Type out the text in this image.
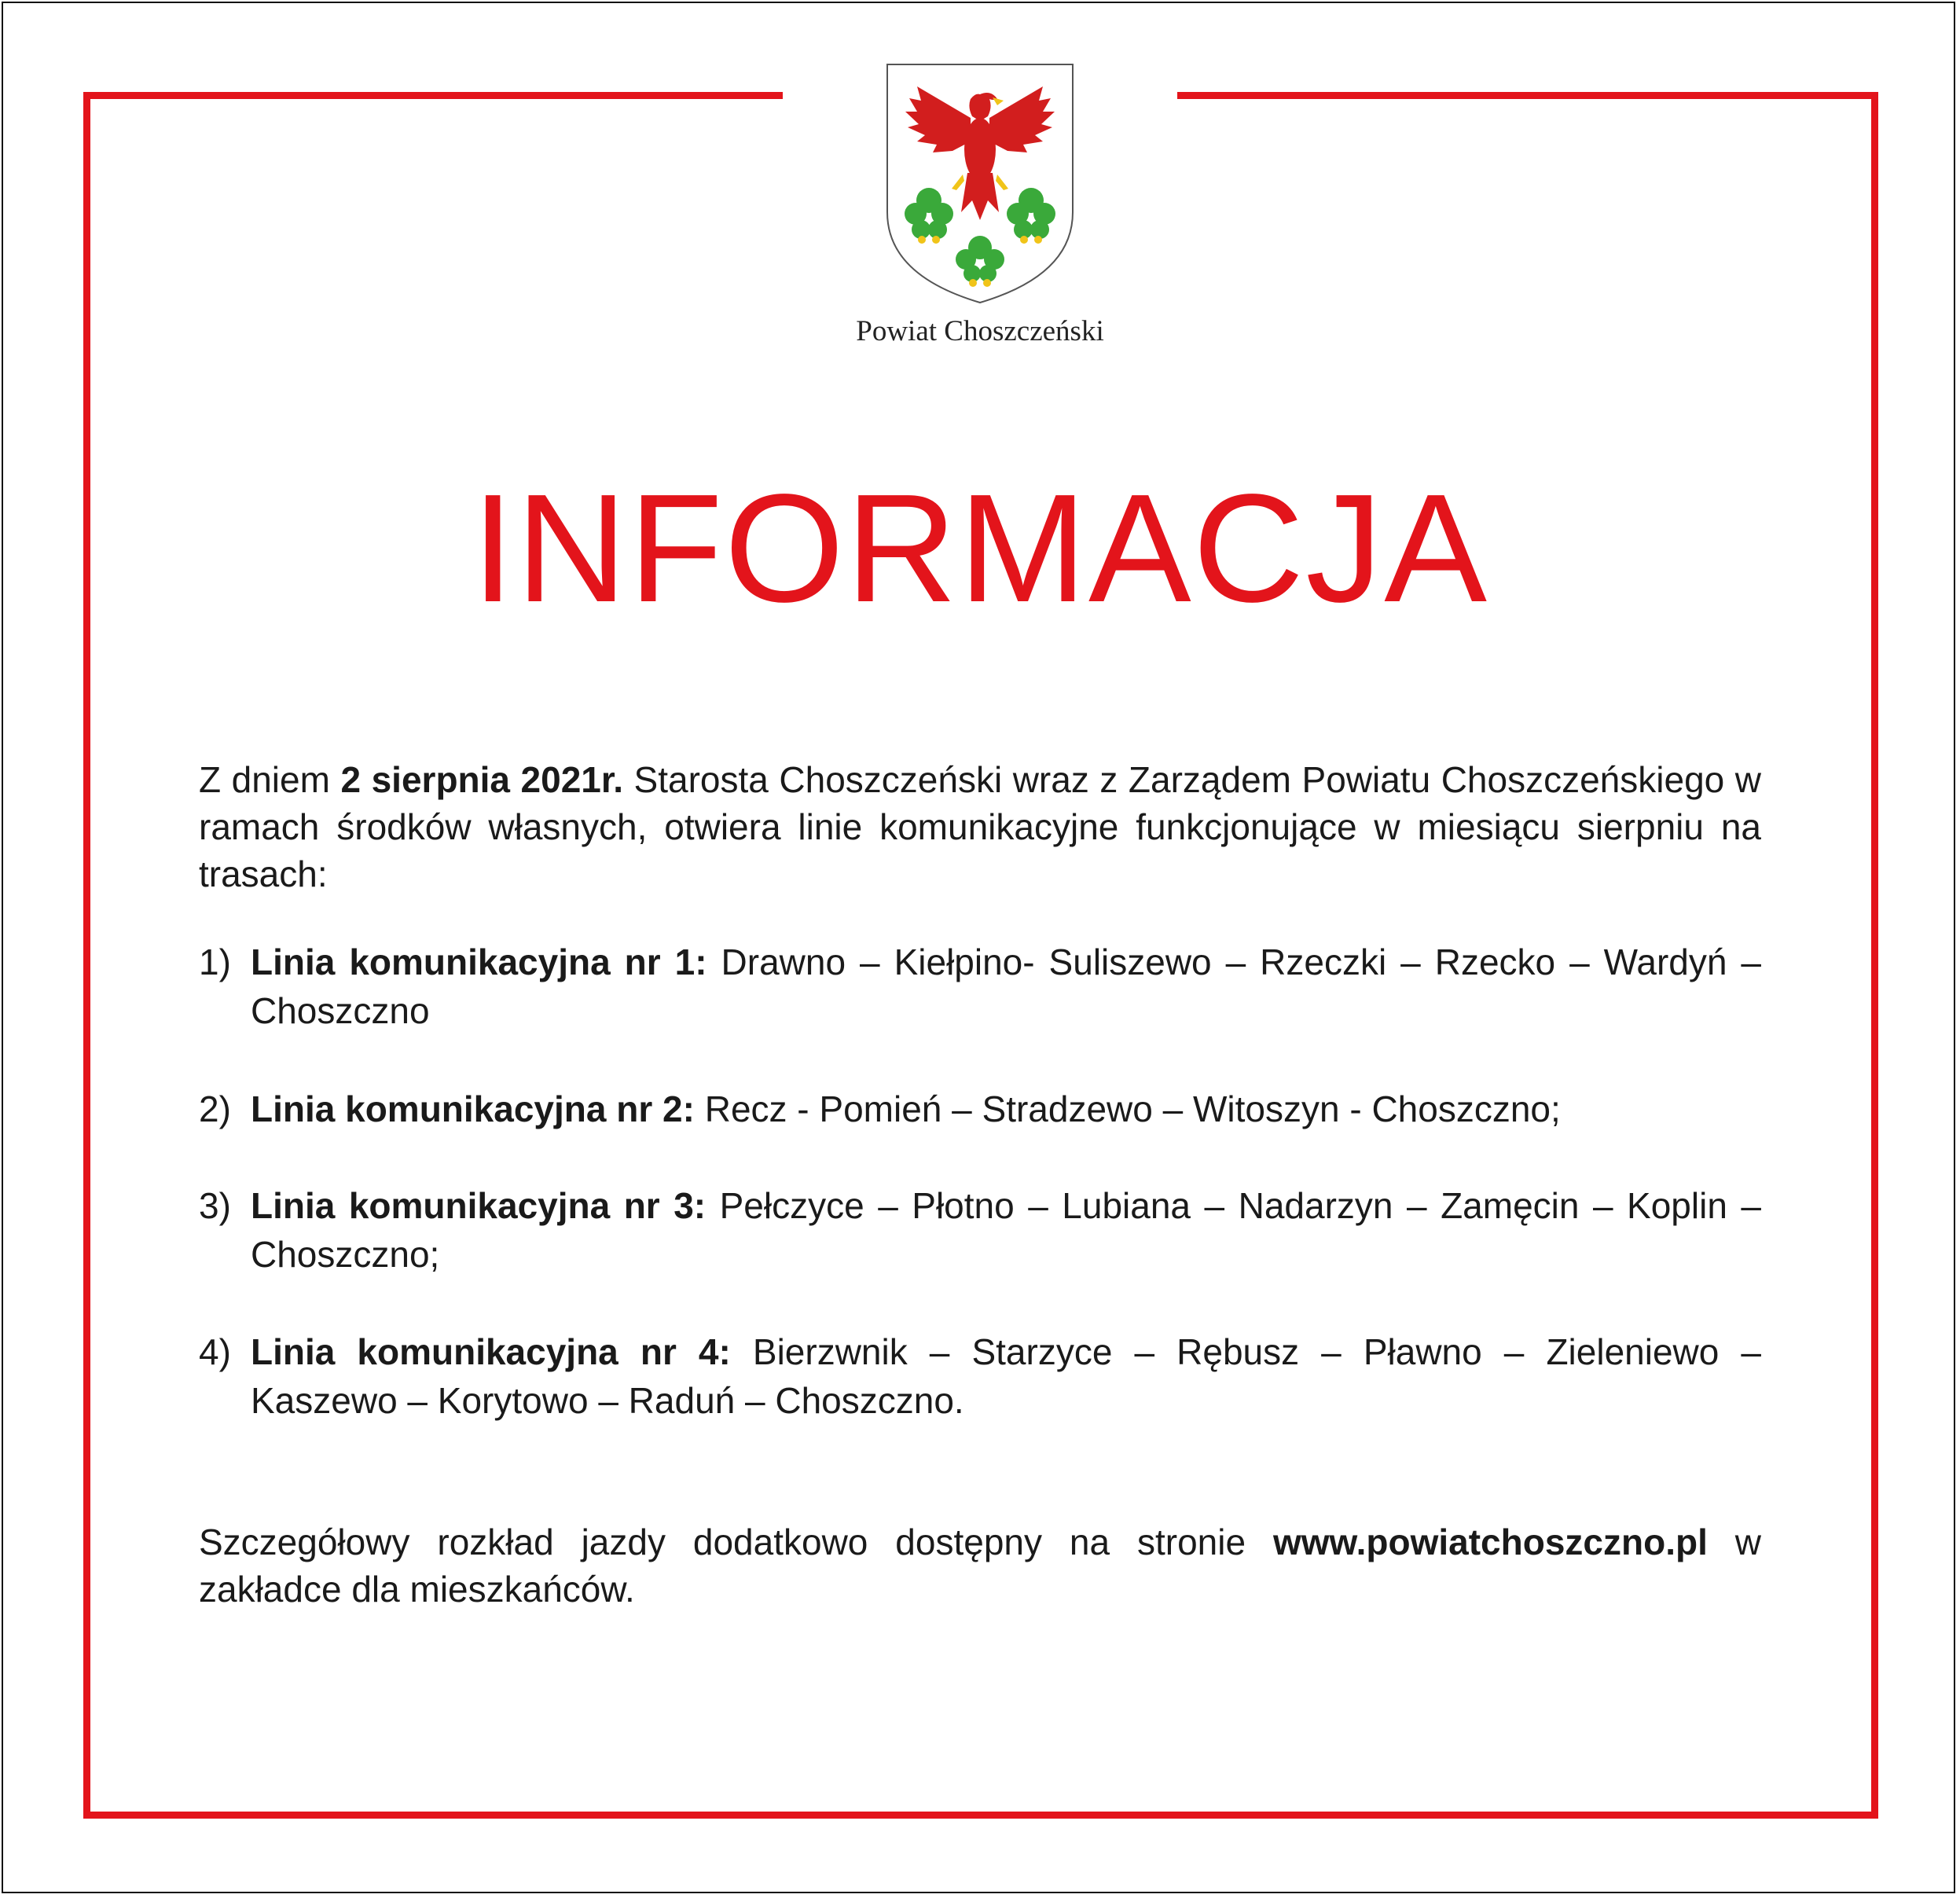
Powiat Choszczeński
INFORMACJA

Z dniem 2 sierpnia 2021r. Starosta Choszczeński wraz z Zarządem Powiatu Choszczeńskiego w ramach środków własnych, otwiera linie komunikacyjne funkcjonujące w miesiącu sierpniu na trasach:

1) Linia komunikacyjna nr 1: Drawno – Kiełpino- Suliszewo – Rzeczki – Rzecko – Wardyń – Choszczno
2) Linia komunikacyjna nr 2: Recz - Pomień – Stradzewo – Witoszyn - Choszczno;
3) Linia komunikacyjna nr 3: Pełczyce – Płotno – Lubiana – Nadarzyn – Zamęcin – Koplin – Choszczno;
4) Linia komunikacyjna nr 4: Bierzwnik – Starzyce – Rębusz – Pławno – Zieleniewo – Kaszewo – Korytowo – Raduń – Choszczno.

Szczegółowy rozkład jazdy dodatkowo dostępny na stronie www.powiatchoszczno.pl w zakładce dla mieszkańców.
